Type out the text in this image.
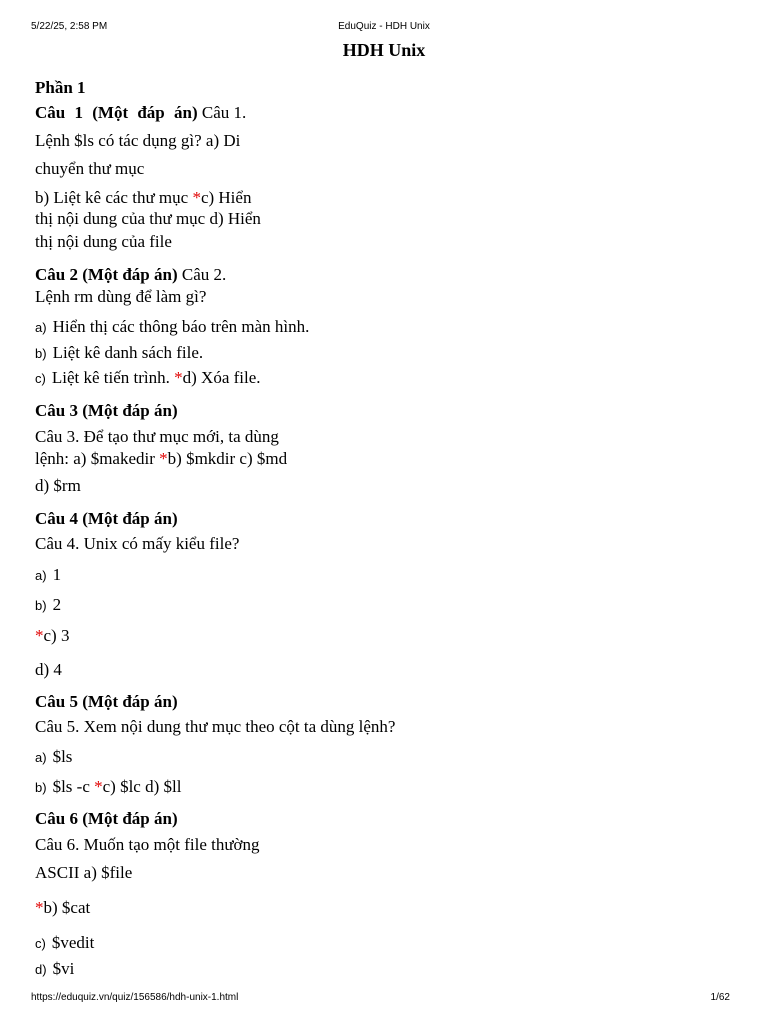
5/22/25, 2:58 PM	EduQuiz - HDH Unix
HDH Unix
Phần 1
Câu 1 (Một đáp án) Câu 1.
Lệnh $ls có tác dụng gì? a) Di
chuyển thư mục
b) Liệt kê các thư mục *c) Hiển
thị nội dung của thư mục d) Hiển
thị nội dung của file
Câu 2 (Một đáp án) Câu 2.
Lệnh rm dùng để làm gì?
a) Hiển thị các thông báo trên màn hình.
b) Liệt kê danh sách file.
c) Liệt kê tiến trình. *d) Xóa file.
Câu 3 (Một đáp án)
Câu 3. Để tạo thư mục mới, ta dùng
lệnh: a) $makedir *b) $mkdir c) $md
d) $rm
Câu 4 (Một đáp án)
Câu 4. Unix có mấy kiểu file?
a) 1
b) 2
*c) 3
d) 4
Câu 5 (Một đáp án)
Câu 5. Xem nội dung thư mục theo cột ta dùng lệnh?
a) $ls
b) $ls -c *c) $lc d) $ll
Câu 6 (Một đáp án)
Câu 6. Muốn tạo một file thường
ASCII a) $file
*b) $cat
c) $vedit
d) $vi
https://eduquiz.vn/quiz/156586/hdh-unix-1.html	1/62
